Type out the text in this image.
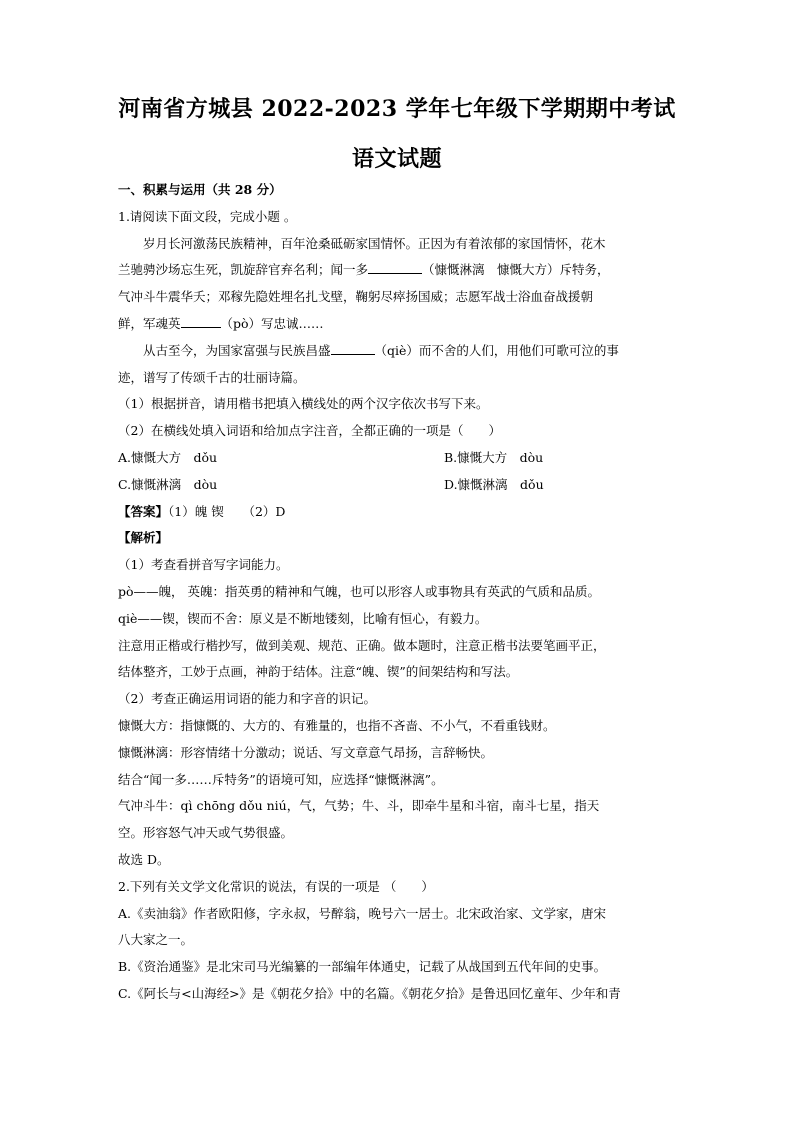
河南省方城县 2022-2023 学年七年级下学期期中考试
语文试题
一、积累与运用（共 28 分）
1.请阅读下面文段，完成小题 。
岁月长河激荡民族精神，百年沧桑砥砺家国情怀。正因为有着浓郁的家国情怀，花木
兰驰骋沙场忘生死，凯旋辞官弃名利；闻一多	（慷慨淋漓　慷慨大方）斥特务，
气冲斗牛震华夭；邓稼先隐姓埋名扎戈壁，鞠躬尽瘁扬国威；志愿军战士浴血奋战援朝
鲜，军魂英	（pò）写忠诚……
从古至今，为国家富强与民族昌盛	（qiè）而不舍的人们，用他们可歌可泣的事
迹，谱写了传颂千古的壮丽诗篇。
（1）根据拼音，请用楷书把填入横线处的两个汉字依次书写下来。
（2）在横线处填入词语和给加点字注音，全都正确的一项是（　　）
A.慷慨大方　dǒu	B.慷慨大方　dòu
C.慷慨淋漓　dòu	D.慷慨淋漓　dǒu
【答案】（1）魄 锲　　（2）D
【解析】
（1）考查看拼音写字词能力。
pò——魄， 英魄：指英勇的精神和气魄，也可以形容人或事物具有英武的气质和品质。
qiè——锲，锲而不舍：原义是不断地镂刻，比喻有恒心，有毅力。
注意用正楷或行楷抄写，做到美观、规范、正确。做本题时，注意正楷书法要笔画平正，
结体整齐，工妙于点画，神韵于结体。注意“魄、锲”的间架结构和写法。
（2）考查正确运用词语的能力和字音的识记。
慷慨大方：指慷慨的、大方的、有雅量的，也指不吝啬、不小气，不看重钱财。
慷慨淋漓：形容情绪十分激动；说话、写文章意气昂扬，言辞畅快。
结合“闻一多……斥特务”的语境可知，应选择“慷慨淋漓”。
气冲斗牛：qì chōng dǒu niú，气，气势；牛、斗，即牵牛星和斗宿，南斗七星，指天
空。形容怒气冲天或气势很盛。
故选 D。
2.下列有关文学文化常识的说法，有误的一项是 （　　）
A.《卖油翁》作者欧阳修，字永叔，号醉翁，晚号六一居士。北宋政治家、文学家，唐宋
八大家之一。
B.《资治通鉴》是北宋司马光编纂的一部编年体通史，记载了从战国到五代年间的史事。
C.《阿长与<山海经>》是《朝花夕拾》中的名篇。《朝花夕拾》是鲁迅回忆童年、少年和青
